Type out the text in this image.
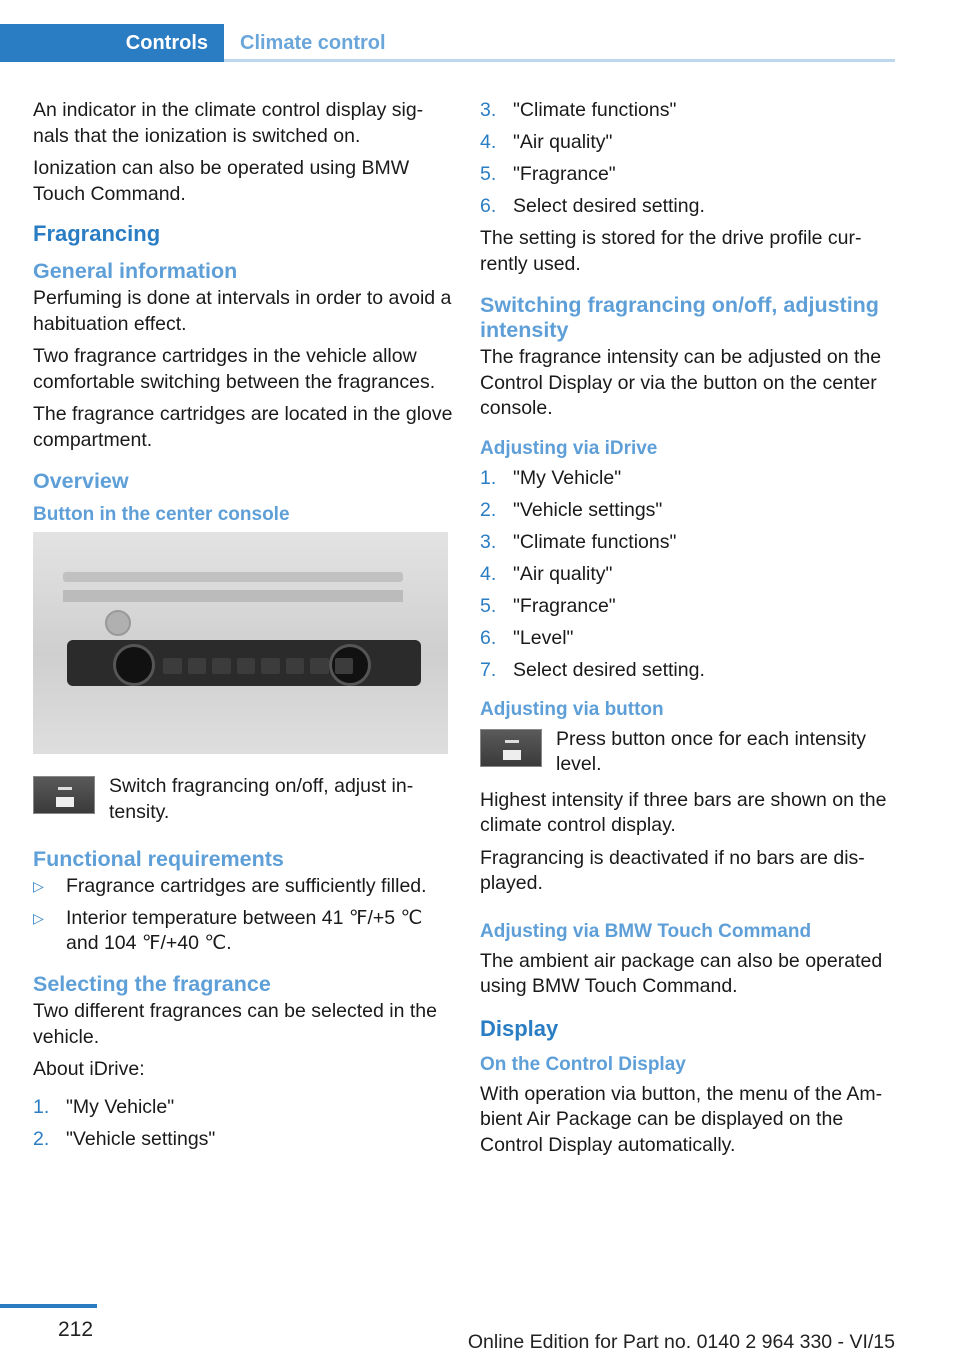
Controls	Climate control

An indicator in the climate control display sig‐ nals that the ionization is switched on.

Ionization can also be operated using BMW Touch Command.

Fragrancing
General information

Perfuming is done at intervals in order to avoid a habituation effect.

Two fragrance cartridges in the vehicle allow comfortable switching between the fragrances.

The fragrance cartridges are located in the glove compartment.

Overview
Button in the center console

Switch fragrancing on/off, adjust in‐ tensity.

Functional requirements
▷	Fragrance cartridges are sufficiently filled.
▷	Interior temperature between 41 ℉/+5 ℃ and 104 ℉/+40 ℃.
Selecting the fragrance

Two different fragrances can be selected in the vehicle.

About iDrive:

1. "My Vehicle"
2. "Vehicle settings"
3. "Climate functions"
4. "Air quality"
5. "Fragrance"
6. Select desired setting.

The setting is stored for the drive profile cur‐ rently used.

Switching fragrancing on/off, adjusting intensity

The fragrance intensity can be adjusted on the Control Display or via the button on the center console.

Adjusting via iDrive
1. "My Vehicle"
2. "Vehicle settings"
3. "Climate functions"
4. "Air quality"
5. "Fragrance"
6. "Level"
7. Select desired setting.
Adjusting via button

Press button once for each intensity level.

Highest intensity if three bars are shown on the climate control display.

Fragrancing is deactivated if no bars are dis‐ played.

Adjusting via BMW Touch Command

The ambient air package can also be operated using BMW Touch Command.

Display
On the Control Display

With operation via button, the menu of the Am‐ bient Air Package can be displayed on the Control Display automatically.

212
Online Edition for Part no. 0140 2 964 330 - VI/15
